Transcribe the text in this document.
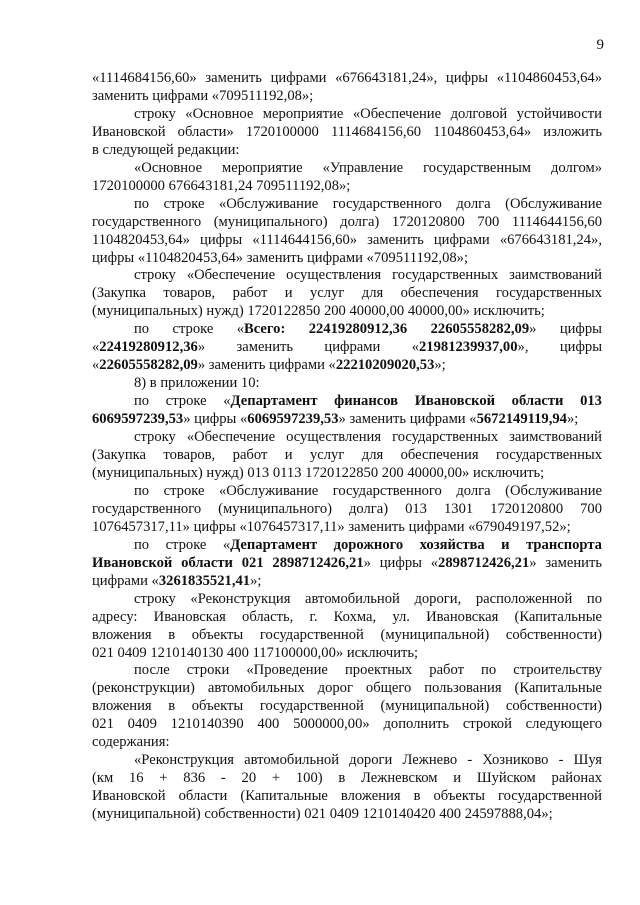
9
«1114684156,60» заменить цифрами «676643181,24», цифры «1104860453,64»
заменить цифрами «709511192,08»;
строку «Основное мероприятие «Обеспечение долговой устойчивости
Ивановской области» 1720100000 1114684156,60 1104860453,64» изложить
в следующей редакции:
«Основное мероприятие «Управление государственным долгом»
1720100000 676643181,24 709511192,08»;
по строке «Обслуживание государственного долга (Обслуживание
государственного (муниципального) долга) 1720120800 700 1114644156,60
1104820453,64» цифры «1114644156,60» заменить цифрами «676643181,24»,
цифры «1104820453,64» заменить цифрами «709511192,08»;
строку «Обеспечение осуществления государственных заимствований
(Закупка товаров, работ и услуг для обеспечения государственных
(муниципальных) нужд) 1720122850 200 40000,00 40000,00» исключить;
по строке «Всего: 22419280912,36 22605558282,09» цифры
«22419280912,36» заменить цифрами «21981239937,00», цифры
«22605558282,09» заменить цифрами «22210209020,53»;
8) в приложении 10:
по строке «Департамент финансов Ивановской области 013
6069597239,53» цифры «6069597239,53» заменить цифрами «5672149119,94»;
строку «Обеспечение осуществления государственных заимствований
(Закупка товаров, работ и услуг для обеспечения государственных
(муниципальных) нужд) 013 0113 1720122850 200 40000,00» исключить;
по строке «Обслуживание государственного долга (Обслуживание
государственного (муниципального) долга) 013 1301 1720120800 700
1076457317,11» цифры «1076457317,11» заменить цифрами «679049197,52»;
по строке «Департамент дорожного хозяйства и транспорта
Ивановской области 021 2898712426,21» цифры «2898712426,21» заменить
цифрами «3261835521,41»;
строку «Реконструкция автомобильной дороги, расположенной по
адресу: Ивановская область, г. Кохма, ул. Ивановская (Капитальные
вложения в объекты государственной (муниципальной) собственности)
021 0409 1210140130 400 117100000,00» исключить;
после строки «Проведение проектных работ по строительству
(реконструкции) автомобильных дорог общего пользования (Капитальные
вложения в объекты государственной (муниципальной) собственности)
021 0409 1210140390 400 5000000,00» дополнить строкой следующего
содержания:
«Реконструкция автомобильной дороги Лежнево - Хозниково - Шуя
(км 16 + 836 - 20 + 100) в Лежневском и Шуйском районах
Ивановской области (Капитальные вложения в объекты государственной
(муниципальной) собственности) 021 0409 1210140420 400 24597888,04»;
